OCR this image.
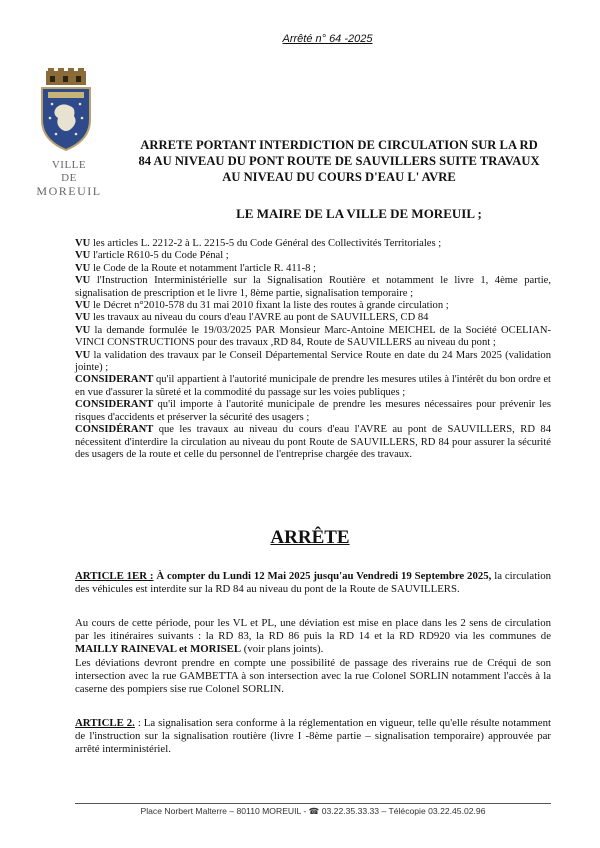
Arrêté n° 64 -2025
VILLE
DE
MOREUIL
ARRETE PORTANT INTERDICTION DE CIRCULATION SUR LA RD
84 AU NIVEAU DU PONT ROUTE DE SAUVILLERS SUITE TRAVAUX
AU NIVEAU DU COURS D'EAU L' AVRE
LE MAIRE DE LA VILLE DE MOREUIL ;

VU les articles L. 2212-2 à L. 2215-5 du Code Général des Collectivités Territoriales ;

VU l'article R610-5 du Code Pénal ;

VU le Code de la Route et notamment l'article R. 411-8 ;

VU l'Instruction Interministérielle sur la Signalisation Routière et notamment le livre 1, 4ème partie, signalisation de prescription et le livre 1, 8ème partie, signalisation temporaire ;

VU le Décret n°2010-578 du 31 mai 2010 fixant la liste des routes à grande circulation ;

VU les travaux au niveau du cours d'eau l'AVRE au pont de SAUVILLERS, CD 84

VU la demande formulée le 19/03/2025 PAR Monsieur Marc-Antoine MEICHEL de la Société OCELIAN-VINCI CONSTRUCTIONS pour des travaux ,RD 84, Route de SAUVILLERS au niveau du pont ;

VU la validation des travaux par le Conseil Départemental Service Route en date du 24 Mars 2025 (validation jointe) ;

CONSIDERANT qu'il appartient à l'autorité municipale de prendre les mesures utiles à l'intérêt du bon ordre et en vue d'assurer la sûreté et la commodité du passage sur les voies publiques ;

CONSIDERANT qu'il importe à l'autorité municipale de prendre les mesures nécessaires pour prévenir les risques d'accidents et préserver la sécurité des usagers ;

CONSIDÉRANT que les travaux au niveau du cours d'eau l'AVRE au pont de SAUVILLERS, RD 84 nécessitent d'interdire la circulation au niveau du pont Route de SAUVILLERS, RD 84 pour assurer la sécurité des usagers de la route et celle du personnel de l'entreprise chargée des travaux.

ARRÊTE

ARTICLE 1ER : À compter du Lundi 12 Mai 2025 jusqu'au Vendredi 19 Septembre 2025, la circulation des véhicules est interdite sur la RD 84 au niveau du pont de la Route de SAUVILLERS.

Au cours de cette période, pour les VL et PL, une déviation est mise en place dans les 2 sens de circulation par les itinéraires suivants : la RD 83, la RD 86 puis la RD 14 et la RD RD920 via les communes de MAILLY RAINEVAL et MORISEL (voir plans joints).

Les déviations devront prendre en compte une possibilité de passage des riverains rue de Créqui de son intersection avec la rue GAMBETTA à son intersection avec la rue Colonel SORLIN notamment l'accès à la caserne des pompiers sise rue Colonel SORLIN.

ARTICLE 2. : La signalisation sera conforme à la réglementation en vigueur, telle qu'elle résulte notamment de l'instruction sur la signalisation routière (livre I -8ème partie – signalisation temporaire) approuvée par arrêté interministériel.
Place Norbert Malterre – 80110 MOREUIL - ☎ 03.22.35.33.33 – Télécopie 03.22.45.02.96
